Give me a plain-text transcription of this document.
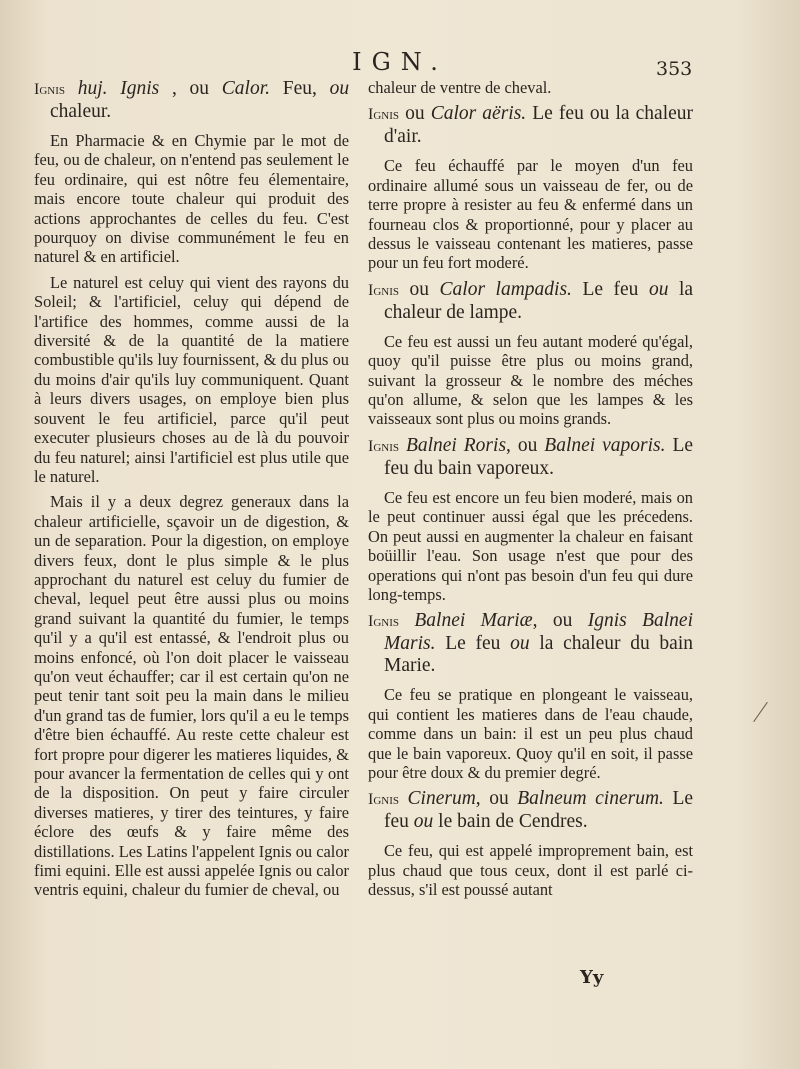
IGN.	353
Ignis huj. Ignis , ou Calor. Feu, ou chaleur.

En Pharmacie & en Chymie par le mot de feu, ou de chaleur, on n'entend pas seulement le feu ordinaire, qui est nôtre feu élementaire, mais encore toute chaleur qui produit des actions approchantes de celles du feu. C'est pourquoy on divise communément le feu en naturel & en artificiel.

Le naturel est celuy qui vient des rayons du Soleil; & l'artificiel, celuy qui dépend de l'artifice des hommes, comme aussi de la diversité & de la quantité de la matiere combustible qu'ils luy fournissent, & du plus ou du moins d'air qu'ils luy communiquent. Quant à leurs divers usages, on employe bien plus souvent le feu artificiel, parce qu'il peut executer plusieurs choses au de là du pouvoir du feu naturel; ainsi l'artificiel est plus utile que le naturel.

Mais il y a deux degrez generaux dans la chaleur artificielle, sçavoir un de digestion, & un de separation. Pour la digestion, on employe divers feux, dont le plus simple & le plus approchant du naturel est celuy du fumier de cheval, lequel peut être aussi plus ou moins grand suivant la quantité du fumier, le temps qu'il y a qu'il est entassé, & l'endroit plus ou moins enfoncé, où l'on doit placer le vaisseau qu'on veut échauffer; car il est certain qu'on ne peut tenir tant soit peu la main dans le milieu d'un grand tas de fumier, lors qu'il a eu le temps d'être bien échauffé. Au reste cette chaleur est fort propre pour digerer les matieres liquides, & pour avancer la fermentation de celles qui y ont de la disposition. On peut y faire circuler diverses matieres, y tirer des teintures, y faire éclore des œufs & y faire même des distillations. Les Latins l'appelent Ignis ou calor fimi equini. Elle est aussi appelée Ignis ou calor ventris equini, chaleur du fumier de cheval, ou

chaleur de ventre de cheval.

Ignis ou Calor aëris. Le feu ou la chaleur d'air.

Ce feu échauffé par le moyen d'un feu ordinaire allumé sous un vaisseau de fer, ou de terre propre à resister au feu & enfermé dans un fourneau clos & proportionné, pour y placer au dessus le vaisseau contenant les matieres, passe pour un feu fort moderé.

Ignis ou Calor lampadis. Le feu ou la chaleur de lampe.

Ce feu est aussi un feu autant moderé qu'égal, quoy qu'il puisse être plus ou moins grand, suivant la grosseur & le nombre des méches qu'on allume, & selon que les lampes & les vaisseaux sont plus ou moins grands.

Ignis Balnei Roris, ou Balnei vaporis. Le feu du bain vaporeux.

Ce feu est encore un feu bien moderé, mais on le peut continuer aussi égal que les précedens. On peut aussi en augmenter la chaleur en faisant boüillir l'eau. Son usage n'est que pour des operations qui n'ont pas besoin d'un feu qui dure long-temps.

Ignis Balnei Mariæ, ou Ignis Balnei Maris. Le feu ou la chaleur du bain Marie.

Ce feu se pratique en plongeant le vaisseau, qui contient les matieres dans de l'eau chaude, comme dans un bain: il est un peu plus chaud que le bain vaporeux. Quoy qu'il en soit, il passe pour être doux & du premier degré.

Ignis Cinerum, ou Balneum cinerum. Le feu ou le bain de Cendres.

Ce feu, qui est appelé improprement bain, est plus chaud que tous ceux, dont il est parlé ci-dessus, s'il est poussé autant

Yy
